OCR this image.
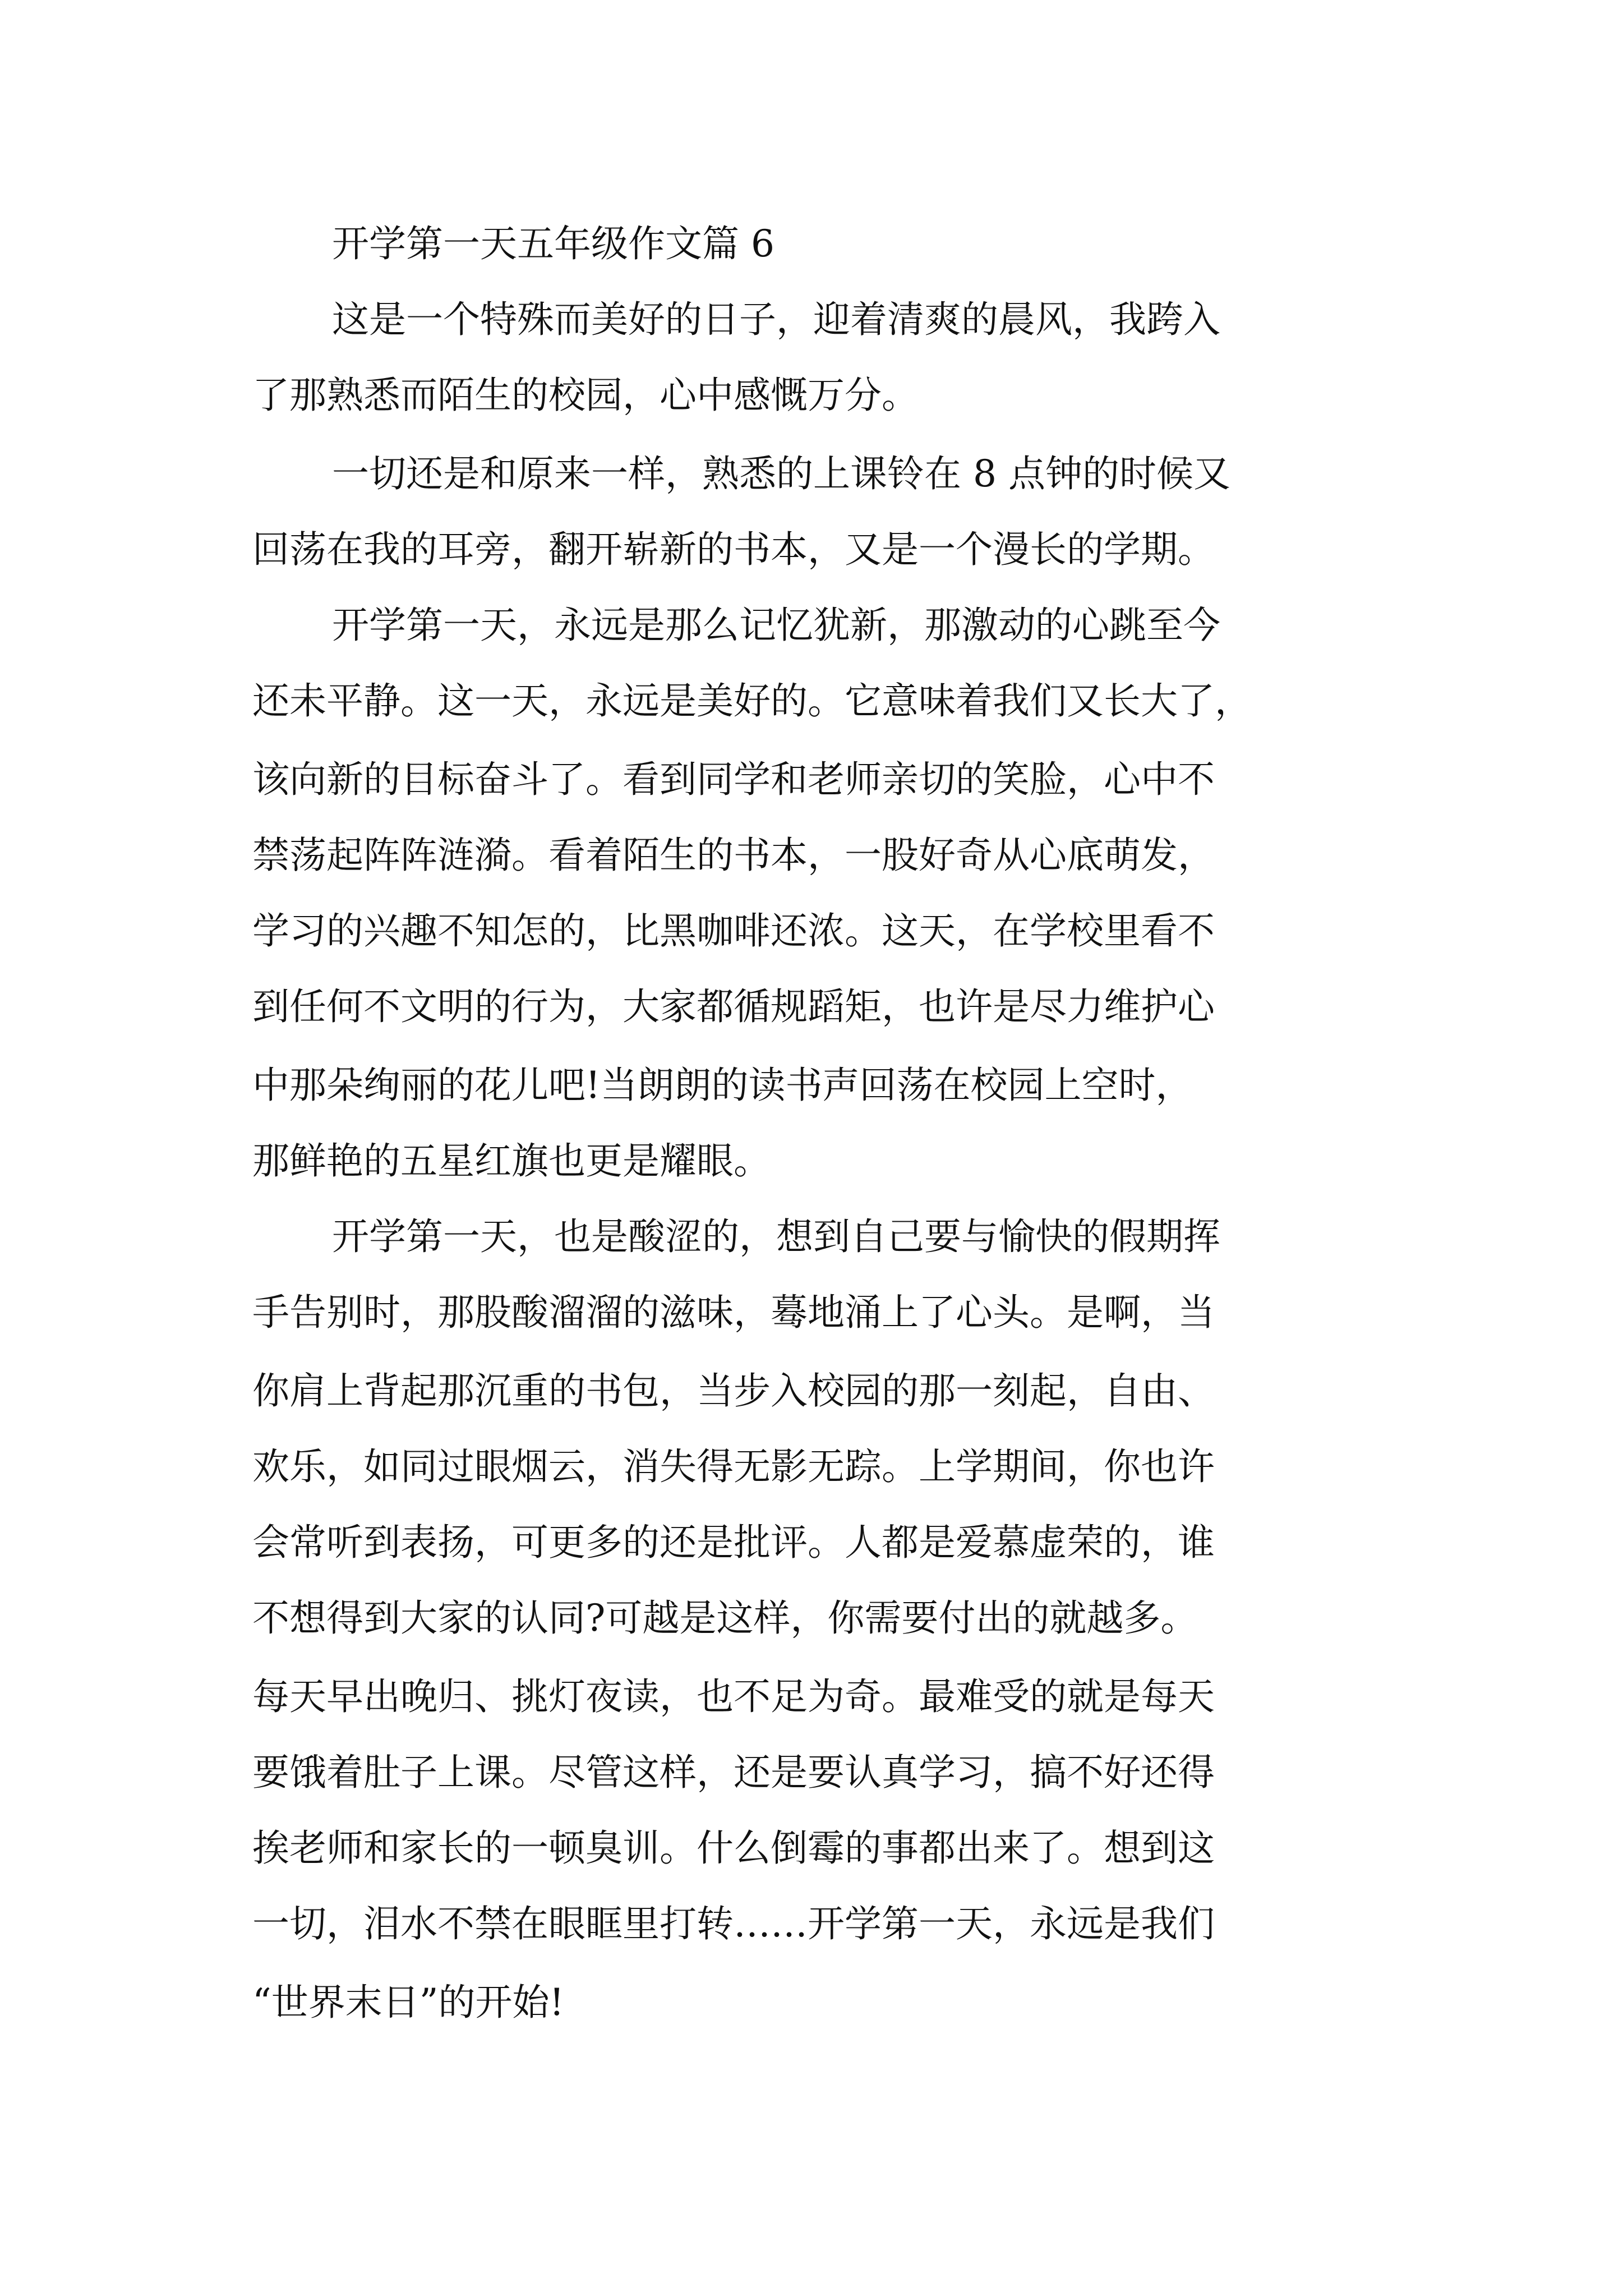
开学第一天五年级作文篇 6
这是一个特殊而美好的日子，迎着清爽的晨风，我跨入
了那熟悉而陌生的校园，心中感慨万分。
一切还是和原来一样，熟悉的上课铃在 8 点钟的时候又
回荡在我的耳旁，翻开崭新的书本，又是一个漫长的学期。
开学第一天，永远是那么记忆犹新，那激动的心跳至今
还未平静。这一天，永远是美好的。它意味着我们又长大了，
该向新的目标奋斗了。看到同学和老师亲切的笑脸，心中不
禁荡起阵阵涟漪。看着陌生的书本，一股好奇从心底萌发，
学习的兴趣不知怎的，比黑咖啡还浓。这天，在学校里看不
到任何不文明的行为，大家都循规蹈矩，也许是尽力维护心
中那朵绚丽的花儿吧!当朗朗的读书声回荡在校园上空时，
那鲜艳的五星红旗也更是耀眼。
开学第一天，也是酸涩的，想到自己要与愉快的假期挥
手告别时，那股酸溜溜的滋味，蓦地涌上了心头。是啊，当
你肩上背起那沉重的书包，当步入校园的那一刻起，自由、
欢乐，如同过眼烟云，消失得无影无踪。上学期间，你也许
会常听到表扬，可更多的还是批评。人都是爱慕虚荣的，谁
不想得到大家的认同?可越是这样，你需要付出的就越多。
每天早出晚归、挑灯夜读，也不足为奇。最难受的就是每天
要饿着肚子上课。尽管这样，还是要认真学习，搞不好还得
挨老师和家长的一顿臭训。什么倒霉的事都出来了。想到这
一切，泪水不禁在眼眶里打转……开学第一天，永远是我们
“世界末日”的开始!
